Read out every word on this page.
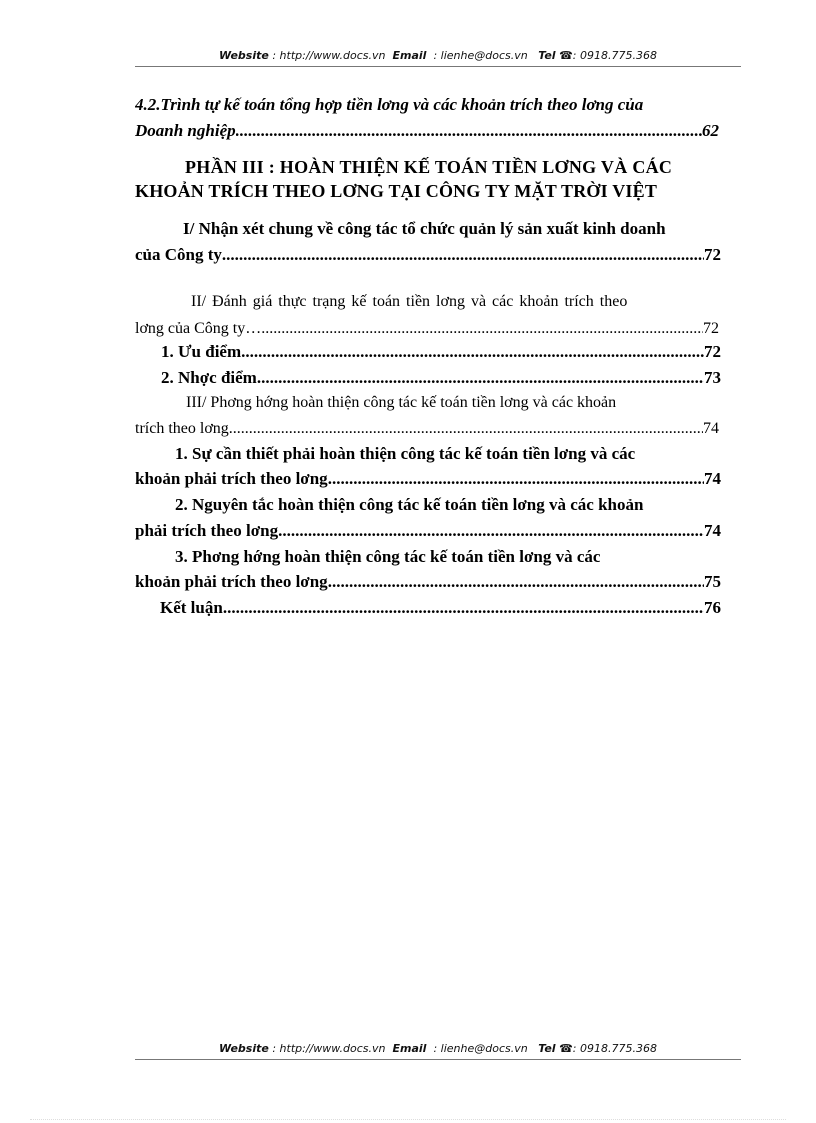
Website : http://www.docs.vn Email : lienhe@docs.vn Tel ☎: 0918.775.368
4.2.Trình tự kế toán tổng hợp tiền lơng và các khoản trích theo lơng của
Doanh nghiệp .....	62
PHẦN III : HOÀN THIỆN KẾ TOÁN TIỀN LƠNG VÀ CÁC
KHOẢN TRÍCH THEO LƠNG TẠI CÔNG TY MẶT TRỜI VIỆT
I/ Nhận xét chung về công tác tổ chức quản lý sản xuất kinh doanh
của Công ty .....	72
II/ Đánh giá thực trạng kế toán tiền lơng và các khoản trích theo
lơng của Công ty… .....	72
1. Ưu điểm .....	72
2. Nhợc điểm .....	73
III/ Phơng hớng hoàn thiện công tác kế toán tiền lơng và các khoản
trích theo lơng .....	74
1. Sự cần thiết phải hoàn thiện công tác kế toán tiền lơng và các
khoản phải trích theo lơng .....	74
2. Nguyên tắc hoàn thiện công tác kế toán tiền lơng và các khoản
phải trích theo lơng .....	74
3. Phơng hớng hoàn thiện công tác kế toán tiền lơng và các
khoản phải trích theo lơng .....	75
Kết luận .....	76
Website : http://www.docs.vn Email : lienhe@docs.vn Tel ☎: 0918.775.368
